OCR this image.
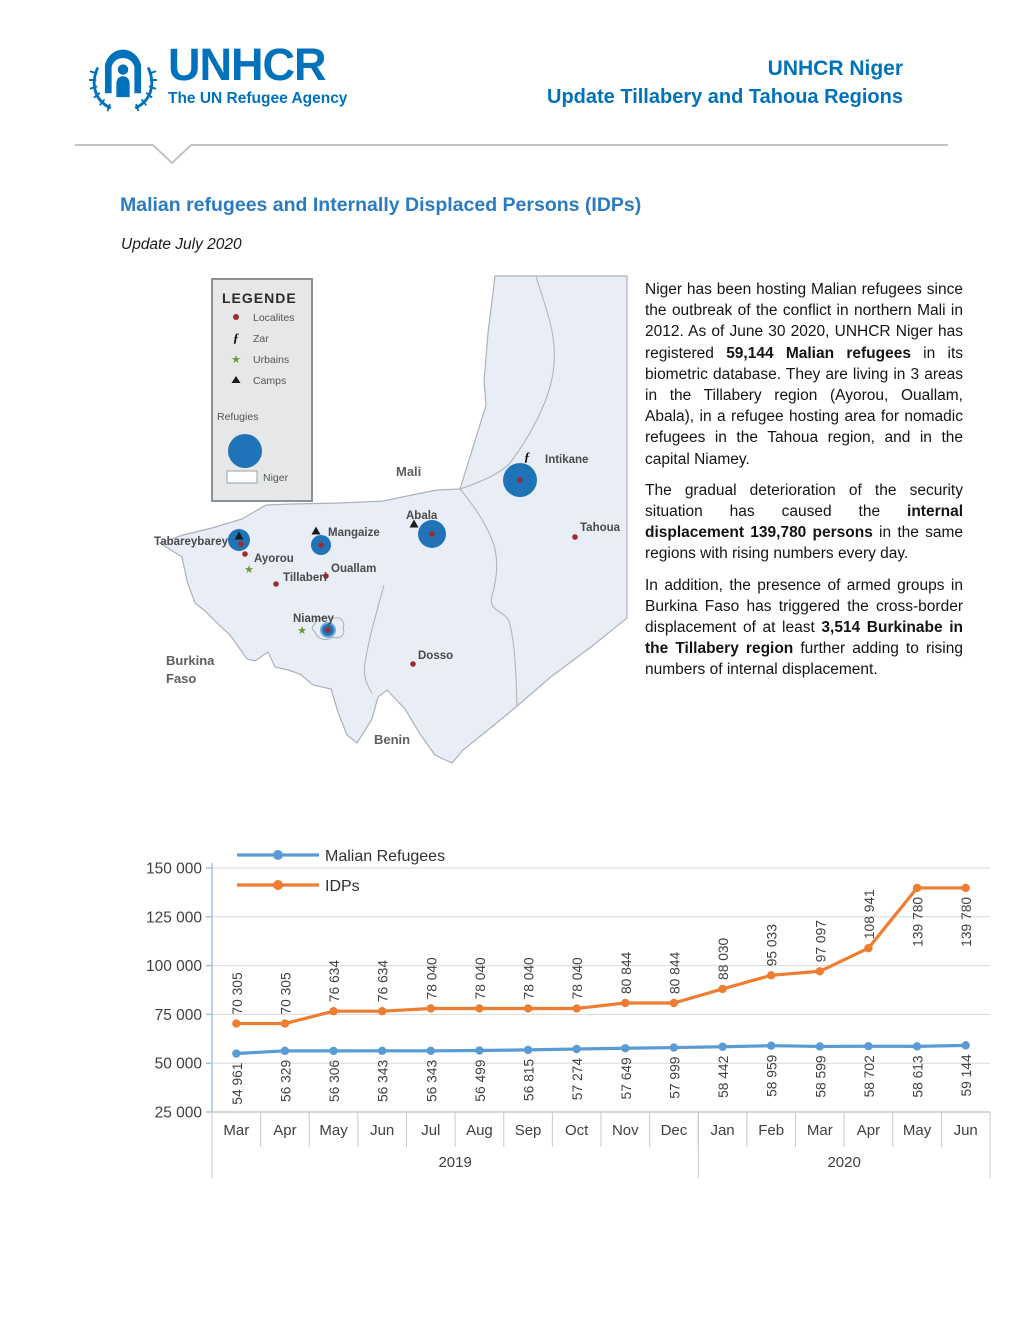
UNHCR
The UN Refugee Agency
UNHCR Niger
Update Tillabery and Tahoua Regions
Malian refugees and Internally Displaced Persons (IDPs)
Update July 2020
Mali
Burkina
Faso
Benin
★
★
ƒ Intikane
Tahoua
Abala
Mangaize
Tabareybarey
Ayorou
Tillaberi
Ouallam
Niamey
Dosso
LEGENDE
Localites
ƒ Zar
★ Urbains
Camps
Refugies
Niger

Niger has been hosting Malian refugees since the outbreak of the conflict in northern Mali in 2012. As of June 30 2020, UNHCR Niger has registered 59,144 Malian refugees in its biometric database. They are living in 3 areas in the Tillabery region (Ayorou, Ouallam, Abala), in a refugee hosting area for nomadic refugees in the Tahoua region, and in the capital Niamey.

The gradual deterioration of the security situation has caused the internal displacement 139,780 persons in the same regions with rising numbers every day.

In addition, the presence of armed groups in Burkina Faso has triggered the cross-border displacement of at least 3,514 Burkinabe in the Tillabery region further adding to rising numbers of internal displacement.

150 000
125 000
100 000
75 000
50 000
25 000
Mar Apr May Jun Jul Aug Sep Oct Nov Dec Jan Feb Mar Apr May Jun
2019	2020
54 961 56 329 56 306 56 343 56 343 56 499 56 815 57 274 57 649 57 999 58 442 58 959 58 599 58 702 58 613 59 144
70 305 70 305 76 634 76 634 78 040 78 040 78 040 78 040 80 844 80 844 88 030 95 033 97 097
108 941 139 780 139 780
Malian Refugees
IDPs
